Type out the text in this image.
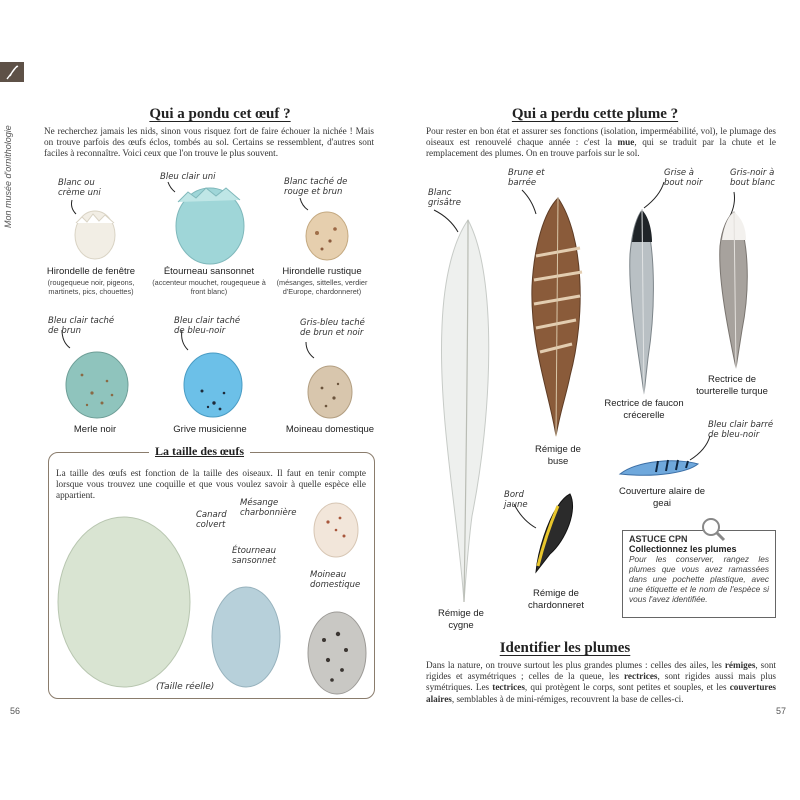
Mon musée d'ornithologie
Qui a pondu cet œuf ?
Ne recherchez jamais les nids, sinon vous risquez fort de faire échouer la nichée ! Mais on trouve parfois des œufs éclos, tombés au sol. Certains se ressemblent, d'autres sont faciles à reconnaître. Voici ceux que l'on trouve le plus souvent.
Blanc ou crème uni
Bleu clair uni	Blanc taché de rouge et brun
Hirondelle de fenêtre
(rougequeue noir, pigeons, martinets, pics, chouettes)
Étourneau sansonnet
(accenteur mouchet, rougequeue à front blanc)
Hirondelle rustique
(mésanges, sittelles, verdier d'Europe, chardonneret)
Bleu clair taché de brun
Bleu clair taché de bleu-noir
Gris-bleu taché de brun et noir
Merle noir	Grive musicienne	Moineau domestique
La taille des œufs
La taille des œufs est fonction de la taille des oiseaux. Il faut en tenir compte lorsque vous trouvez une coquille et que vous voulez savoir à quelle espèce elle appartient.
Canard colvert
Mésange charbonnière
Étourneau sansonnet
Moineau domestique
(Taille réelle)
56
Qui a perdu cette plume ?
Pour rester en bon état et assurer ses fonctions (isolation, imperméabilité, vol), le plumage des oiseaux est renouvelé chaque année : c'est la mue, qui se traduit par la chute et le remplacement des plumes. On en trouve parfois sur le sol.
Blanc grisâtre
Brune et barrée
Grise à bout noir
Gris-noir à bout blanc
Bleu clair barré de bleu-noir
Bord jaune
Rémige de cygne
Rémige de buse
Rectrice de faucon crécerelle
Rectrice de tourterelle turque
Couverture alaire de geai
Rémige de chardonneret
ASTUCE CPN
Collectionnez les plumes
Pour les conserver, rangez les plumes que vous avez ramassées dans une pochette plastique, avec une étiquette et le nom de l'espèce si vous l'avez identifiée.
Identifier les plumes
Dans la nature, on trouve surtout les plus grandes plumes : celles des ailes, les rémiges, sont rigides et asymétriques ; celles de la queue, les rectrices, sont rigides aussi mais plus symétriques. Les tectrices, qui protègent le corps, sont petites et souples, et les couvertures alaires, semblables à de mini-rémiges, recouvrent la base de celles-ci.
57
